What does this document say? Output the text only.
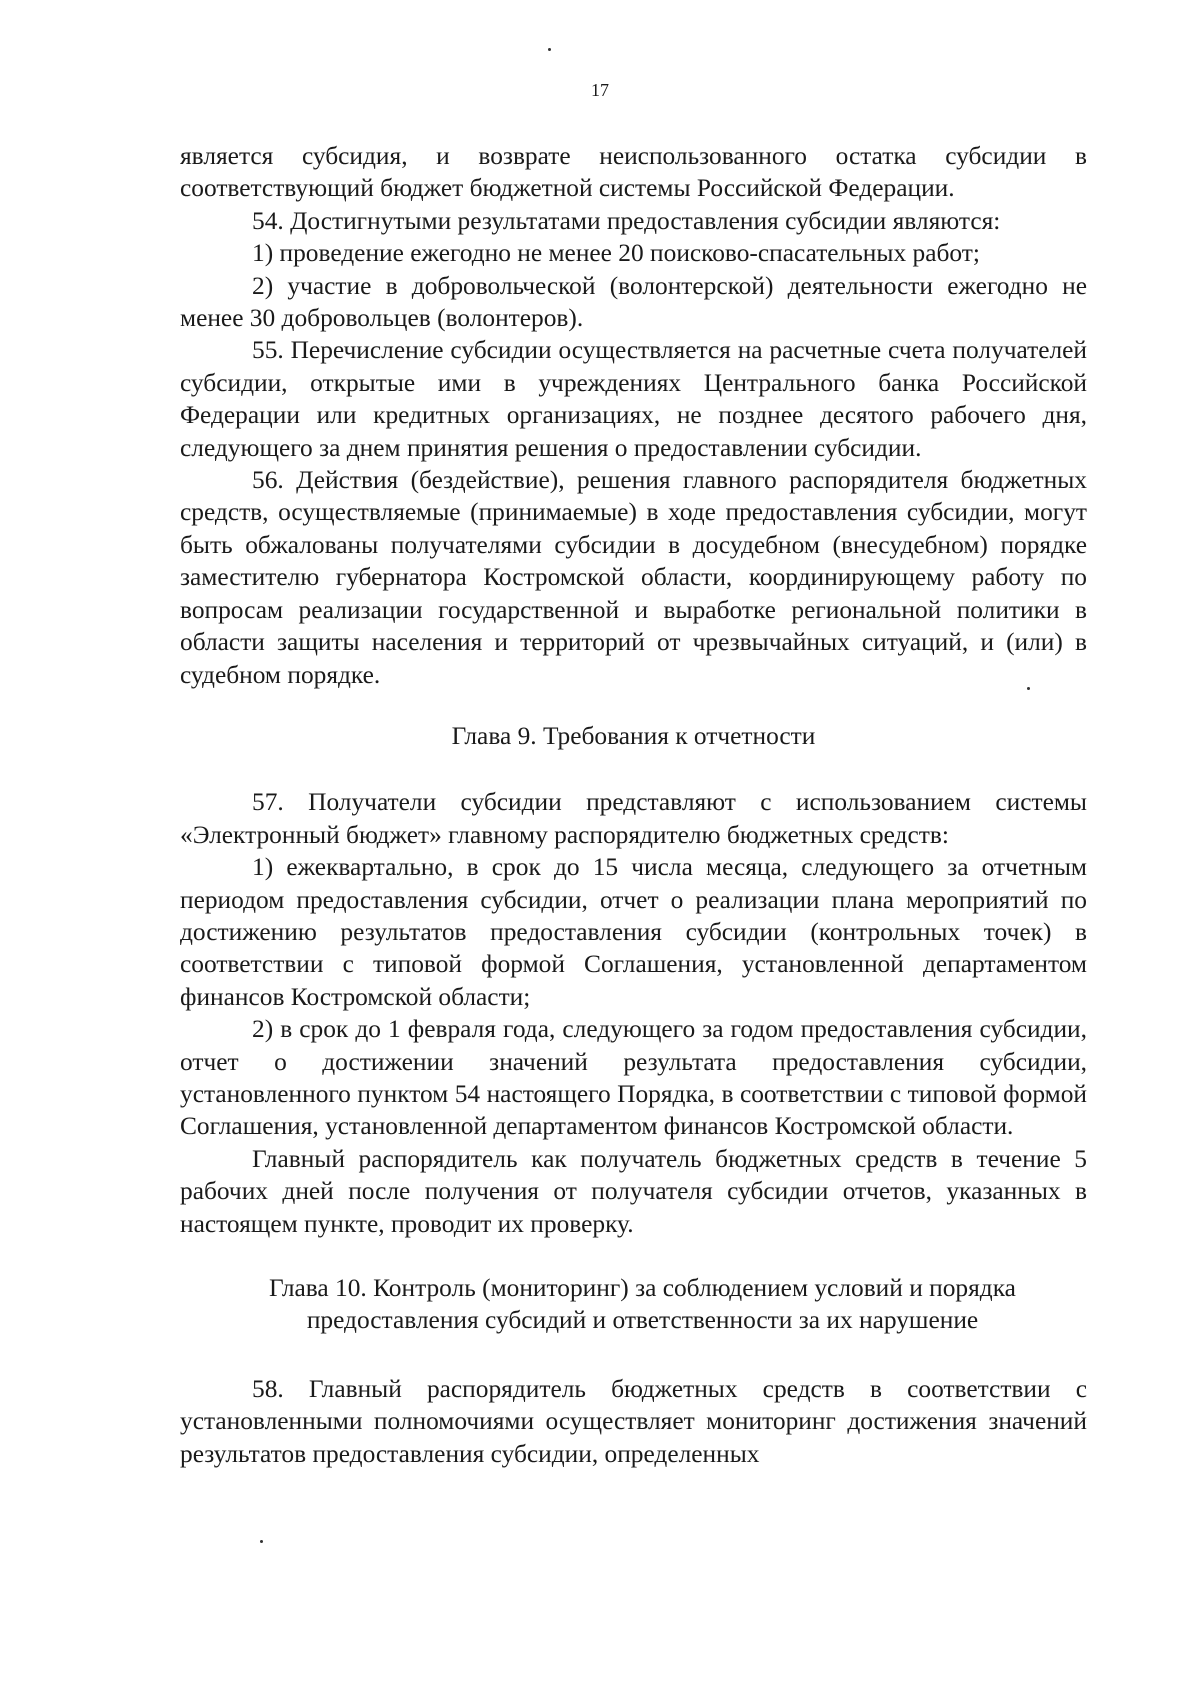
17

является субсидия, и возврате неиспользованного остатка субсидии в соответствующий бюджет бюджетной системы Российской Федерации.

54. Достигнутыми результатами предоставления субсидии являются:

1) проведение ежегодно не менее 20 поисково-спасательных работ;

2) участие в добровольческой (волонтерской) деятельности ежегодно не менее 30 добровольцев (волонтеров).

55. Перечисление субсидии осуществляется на расчетные счета получателей субсидии, открытые ими в учреждениях Центрального банка Российской Федерации или кредитных организациях, не позднее десятого рабочего дня, следующего за днем принятия решения о предоставлении субсидии.

56. Действия (бездействие), решения главного распорядителя бюджетных средств, осуществляемые (принимаемые) в ходе предоставления субсидии, могут быть обжалованы получателями субсидии в досудебном (внесудебном) порядке заместителю губернатора Костромской области, координирующему работу по вопросам реализации государственной и выработке региональной политики в области защиты населения и территорий от чрезвычайных ситуаций, и (или) в судебном порядке.

Глава 9. Требования к отчетности

57. Получатели субсидии представляют с использованием системы «Электронный бюджет» главному распорядителю бюджетных средств:

1) ежеквартально, в срок до 15 числа месяца, следующего за отчетным периодом предоставления субсидии, отчет о реализации плана мероприятий по достижению результатов предоставления субсидии (контрольных точек) в соответствии с типовой формой Соглашения, установленной департаментом финансов Костромской области;

2) в срок до 1 февраля года, следующего за годом предоставления субсидии, отчет о достижении значений результата предоставления субсидии, установленного пунктом 54 настоящего Порядка, в соответствии с типовой формой Соглашения, установленной департаментом финансов Костромской области.

Главный распорядитель как получатель бюджетных средств в течение 5 рабочих дней после получения от получателя субсидии отчетов, указанных в настоящем пункте, проводит их проверку.

Глава 10. Контроль (мониторинг) за соблюдением условий и порядка
предоставления субсидий и ответственности за их нарушение

58. Главный распорядитель бюджетных средств в соответствии с установленными полномочиями осуществляет мониторинг достижения значений результатов предоставления субсидии, определенных
